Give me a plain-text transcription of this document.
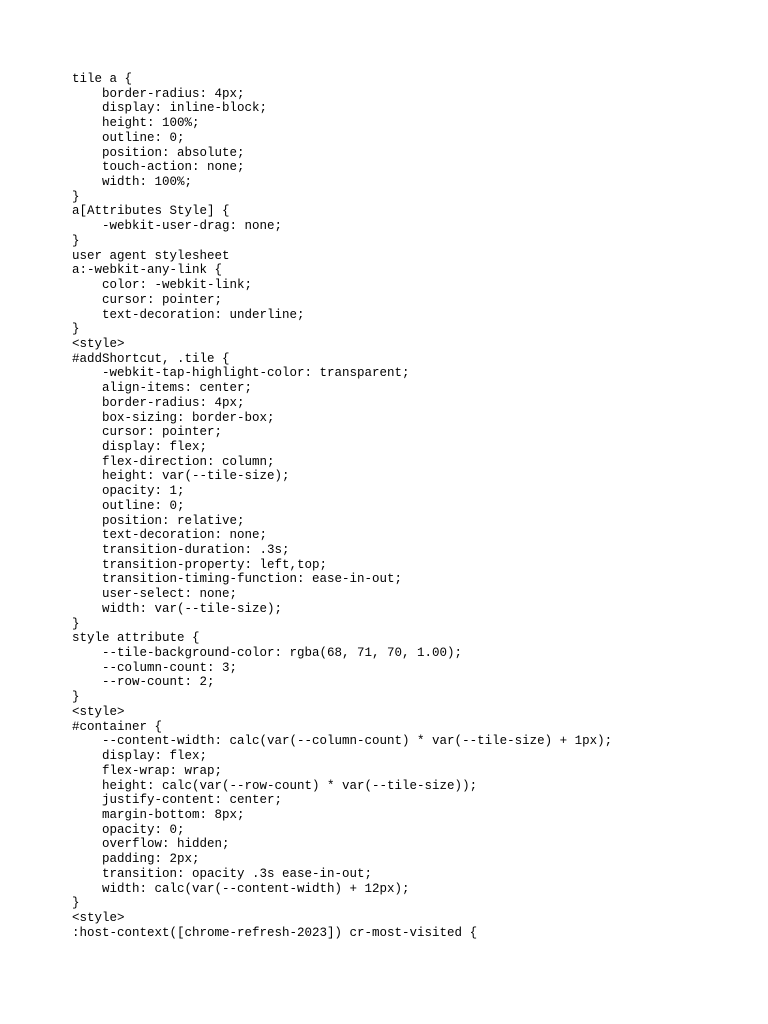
tile a {
border-radius: 4px;
display: inline-block;
height: 100%;
outline: 0;
position: absolute;
touch-action: none;
width: 100%;
}
a[Attributes Style] {
-webkit-user-drag: none;
}
user agent stylesheet
a:-webkit-any-link {
color: -webkit-link;
cursor: pointer;
text-decoration: underline;
}
<style>
#addShortcut, .tile {
-webkit-tap-highlight-color: transparent;
align-items: center;
border-radius: 4px;
box-sizing: border-box;
cursor: pointer;
display: flex;
flex-direction: column;
height: var(--tile-size);
opacity: 1;
outline: 0;
position: relative;
text-decoration: none;
transition-duration: .3s;
transition-property: left,top;
transition-timing-function: ease-in-out;
user-select: none;
width: var(--tile-size);
}
style attribute {
--tile-background-color: rgba(68, 71, 70, 1.00);
--column-count: 3;
--row-count: 2;
}
<style>
#container {
--content-width: calc(var(--column-count) * var(--tile-size) + 1px);
display: flex;
flex-wrap: wrap;
height: calc(var(--row-count) * var(--tile-size));
justify-content: center;
margin-bottom: 8px;
opacity: 0;
overflow: hidden;
padding: 2px;
transition: opacity .3s ease-in-out;
width: calc(var(--content-width) + 12px);
}
<style>
:host-context([chrome-refresh-2023]) cr-most-visited {
